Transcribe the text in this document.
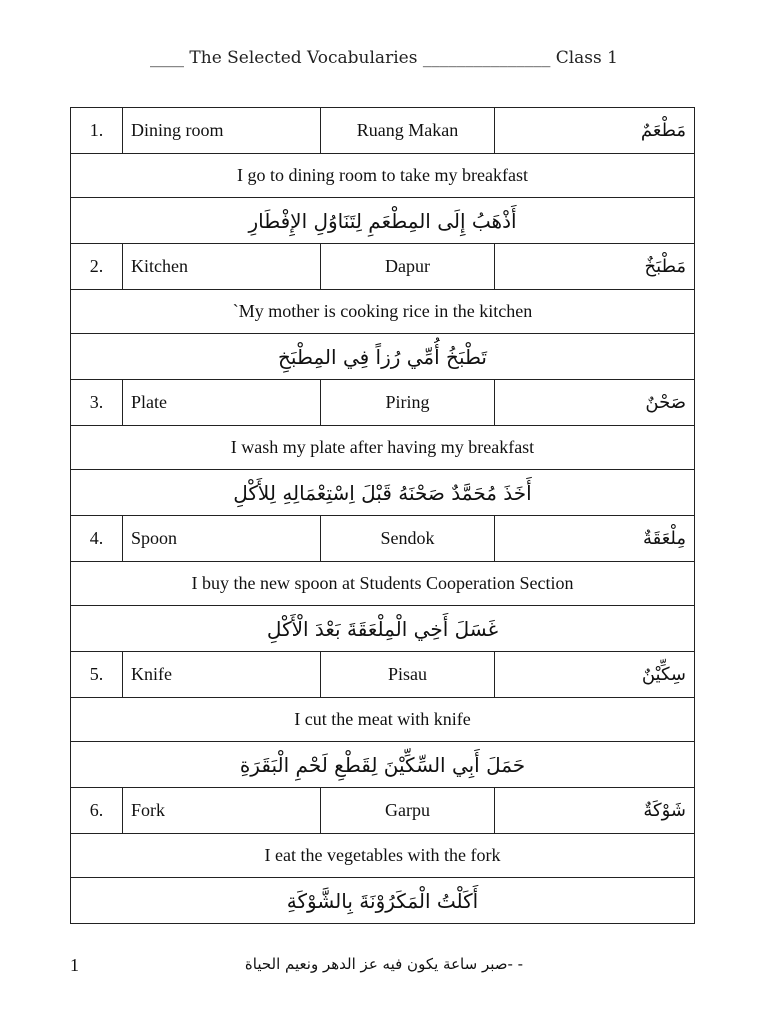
____ The Selected Vocabularies _______________ Class 1
1.	Dining room	Ruang Makan	مَطْعَمٌ
I go to dining room to take my breakfast			
أَذْهَبُ إِلَى المِطْعَمِ لِتَنَاوُلِ الإِفْطَارِ			
2.	Kitchen	Dapur	مَطْبَخٌ
`My mother is cooking rice in the kitchen			
تَطْبَخُ أُمِّي رُزاً فِي المِطْبَخِ			
3.	Plate	Piring	صَحْنٌ
I wash my plate after having my breakfast			
أَخَذَ مُحَمَّدٌ صَحْنَهُ قَبْلَ اِسْتِعْمَالِهِ لِلأَكْلِ			
4.	Spoon	Sendok	مِلْعَقَةٌ
I buy the new spoon at Students Cooperation Section			
غَسَلَ أَخِي الْمِلْعَقَةَ بَعْدَ الْأَكْلِ			
5.	Knife	Pisau	سِكِّيْنٌ
I cut the meat with knife			
حَمَلَ أَبِي السِّكِّيْنَ لِقَطْعِ لَحْمِ الْبَقَرَةِ			
6.	Fork	Garpu	شَوْكَةٌ
I eat the vegetables with the fork			
أَكَلْتُ الْمَكَرُوْنَةَ بِالشَّوْكَةِ			
1	- -صبر ساعة يكون فيه عز الدهر ونعيم الحياة
